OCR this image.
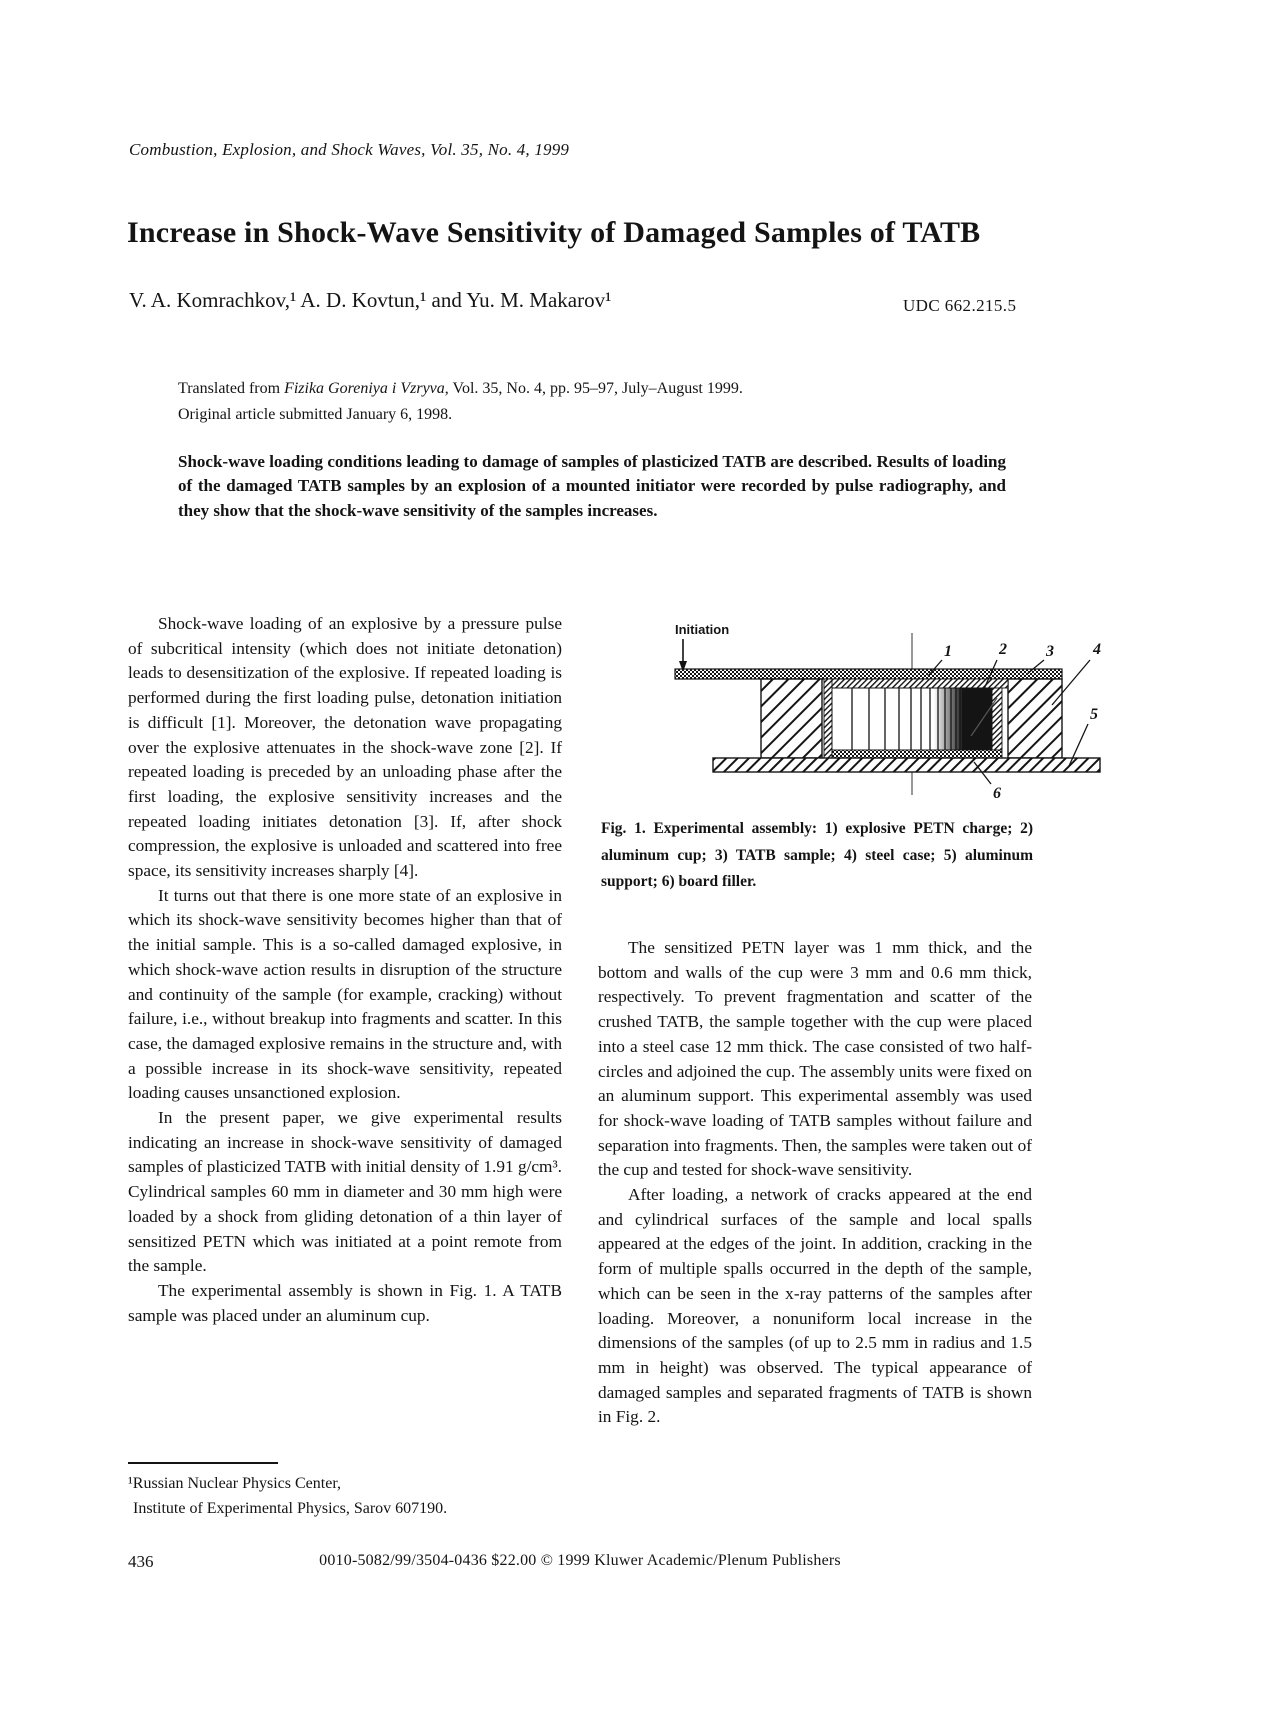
Combustion, Explosion, and Shock Waves, Vol. 35, No. 4, 1999
Increase in Shock-Wave Sensitivity of Damaged Samples of TATB
V. A. Komrachkov,¹ A. D. Kovtun,¹ and Yu. M. Makarov¹	UDC 662.215.5
Translated from Fizika Goreniya i Vzryva, Vol. 35, No. 4, pp. 95–97, July–August 1999.
Original article submitted January 6, 1998.
Shock-wave loading conditions leading to damage of samples of plasticized TATB are described. Results of loading of the damaged TATB samples by an explosion of a mounted initiator were recorded by pulse radiography, and they show that the shock-wave sensitivity of the samples increases.

Shock-wave loading of an explosive by a pressure pulse of subcritical intensity (which does not initiate detonation) leads to desensitization of the explosive. If repeated loading is performed during the first loading pulse, detonation initiation is difficult [1]. Moreover, the detonation wave propagating over the explosive attenuates in the shock-wave zone [2]. If repeated loading is preceded by an unloading phase after the first loading, the explosive sensitivity increases and the repeated loading initiates detonation [3]. If, after shock compression, the explosive is unloaded and scattered into free space, its sensitivity increases sharply [4].

It turns out that there is one more state of an explosive in which its shock-wave sensitivity becomes higher than that of the initial sample. This is a so-called damaged explosive, in which shock-wave action results in disruption of the structure and continuity of the sample (for example, cracking) without failure, i.e., without breakup into fragments and scatter. In this case, the damaged explosive remains in the structure and, with a possible increase in its shock-wave sensitivity, repeated loading causes unsanctioned explosion.

In the present paper, we give experimental results indicating an increase in shock-wave sensitivity of damaged samples of plasticized TATB with initial density of 1.91 g/cm³. Cylindrical samples 60 mm in diameter and 30 mm high were loaded by a shock from gliding detonation of a thin layer of sensitized PETN which was initiated at a point remote from the sample.

The experimental assembly is shown in Fig. 1. A TATB sample was placed under an aluminum cup.

Initiation
1	2 3 4
5
6
Fig. 1. Experimental assembly: 1) explosive PETN charge; 2) aluminum cup; 3) TATB sample; 4) steel case; 5) aluminum support; 6) board filler.

The sensitized PETN layer was 1 mm thick, and the bottom and walls of the cup were 3 mm and 0.6 mm thick, respectively. To prevent fragmentation and scatter of the crushed TATB, the sample together with the cup were placed into a steel case 12 mm thick. The case consisted of two half-circles and adjoined the cup. The assembly units were fixed on an aluminum support. This experimental assembly was used for shock-wave loading of TATB samples without failure and separation into fragments. Then, the samples were taken out of the cup and tested for shock-wave sensitivity.

After loading, a network of cracks appeared at the end and cylindrical surfaces of the sample and local spalls appeared at the edges of the joint. In addition, cracking in the form of multiple spalls occurred in the depth of the sample, which can be seen in the x-ray patterns of the samples after loading. Moreover, a nonuniform local increase in the dimensions of the samples (of up to 2.5 mm in radius and 1.5 mm in height) was observed. The typical appearance of damaged samples and separated fragments of TATB is shown in Fig. 2.

¹Russian Nuclear Physics Center,
Institute of Experimental Physics, Sarov 607190.
436	0010-5082/99/3504-0436 $22.00 © 1999 Kluwer Academic/Plenum Publishers
